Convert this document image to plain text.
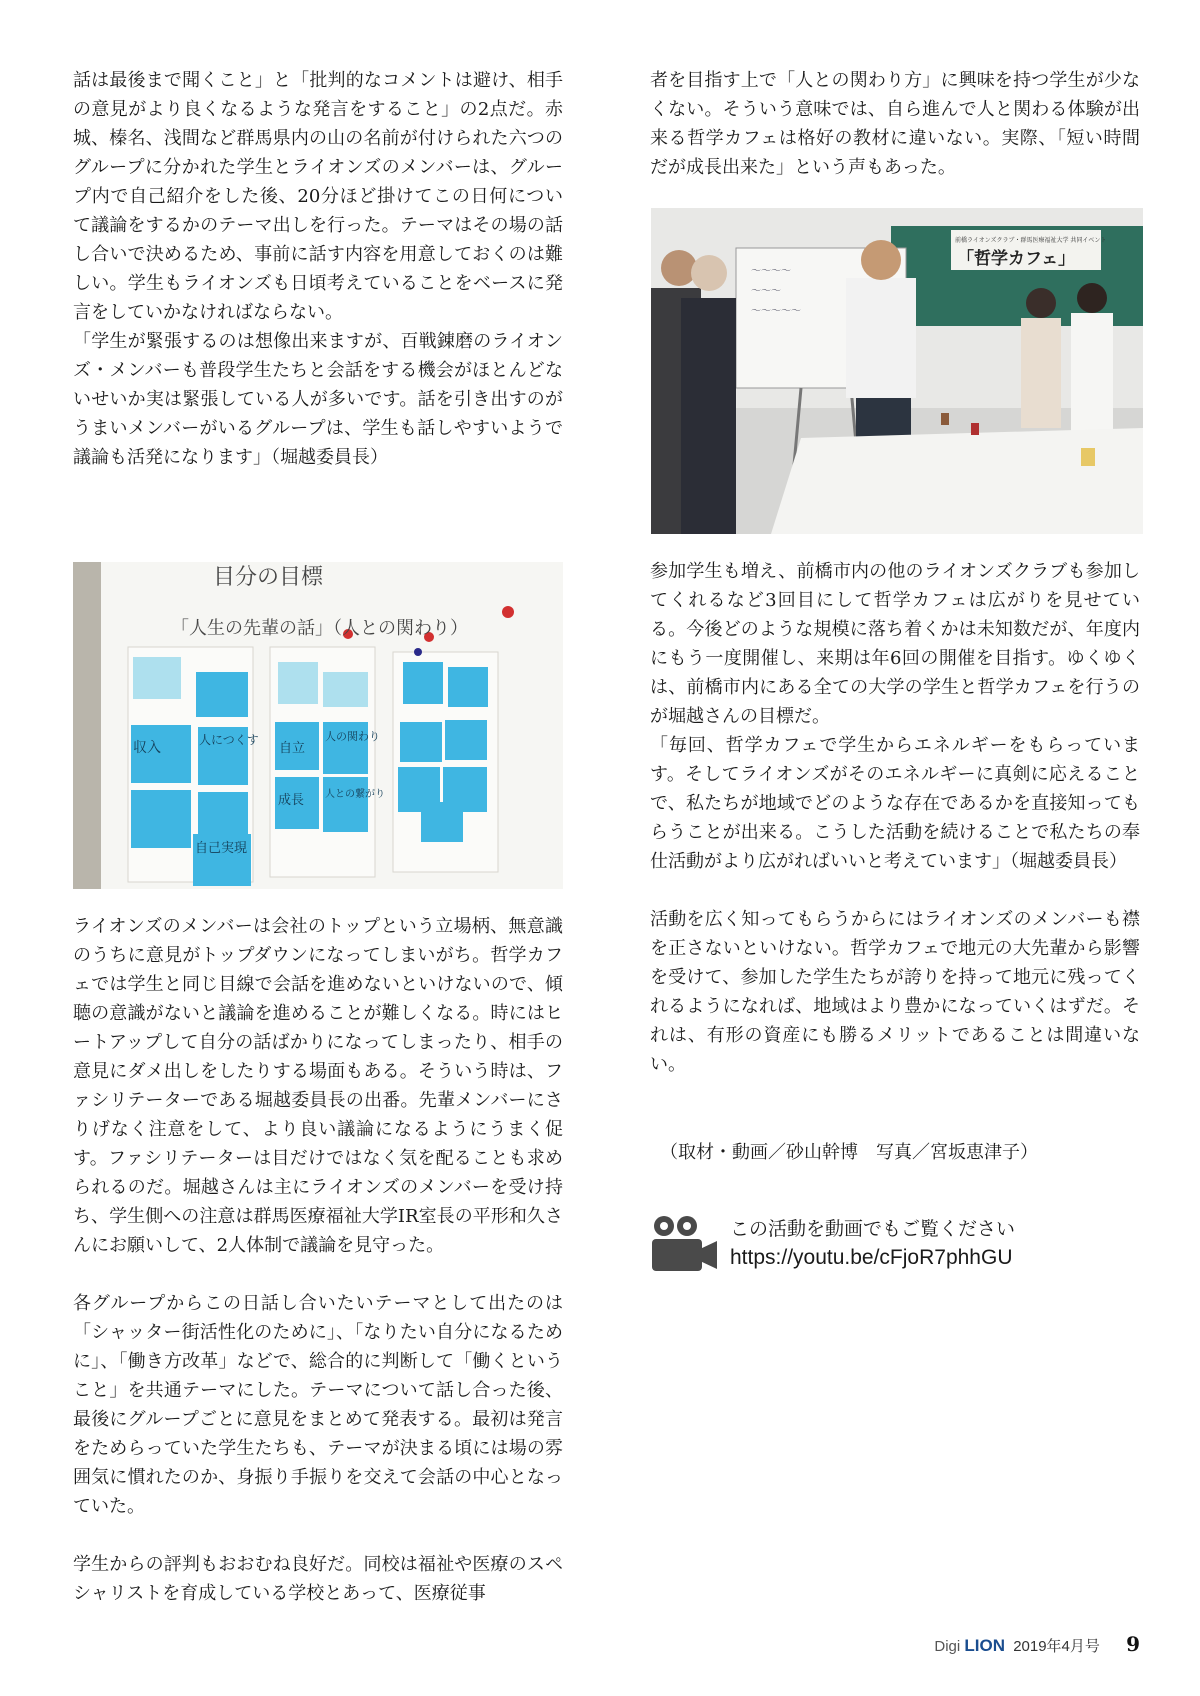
話は最後まで聞くこと」と「批判的なコメントは避け、相手の意見がより良くなるような発言をすること」の2点だ。赤城、榛名、浅間など群馬県内の山の名前が付けられた六つのグループに分かれた学生とライオンズのメンバーは、グループ内で自己紹介をした後、20分ほど掛けてこの日何について議論をするかのテーマ出しを行った。テーマはその場の話し合いで決めるため、事前に話す内容を用意しておくのは難しい。学生もライオンズも日頃考えていることをベースに発言をしていかなければならない。

「学生が緊張するのは想像出来ますが、百戦錬磨のライオンズ・メンバーも普段学生たちと会話をする機会がほとんどないせいか実は緊張している人が多いです。話を引き出すのがうまいメンバーがいるグループは、学生も話しやすいようで議論も活発になります」（堀越委員長）

目分の目標
「人生の先輩の話」（人との関わり）
収入	人につくす
自己実現
自立
人の関わり
成長 人との繋がり

ライオンズのメンバーは会社のトップという立場柄、無意識のうちに意見がトップダウンになってしまいがち。哲学カフェでは学生と同じ目線で会話を進めないといけないので、傾聴の意識がないと議論を進めることが難しくなる。時にはヒートアップして自分の話ばかりになってしまったり、相手の意見にダメ出しをしたりする場面もある。そういう時は、ファシリテーターである堀越委員長の出番。先輩メンバーにさりげなく注意をして、より良い議論になるようにうまく促す。ファシリテーターは目だけではなく気を配ることも求められるのだ。堀越さんは主にライオンズのメンバーを受け持ち、学生側への注意は群馬医療福祉大学IR室長の平形和久さんにお願いして、2人体制で議論を見守った。

各グループからこの日話し合いたいテーマとして出たのは「シャッター街活性化のために」、「なりたい自分になるために」、「働き方改革」などで、総合的に判断して「働くということ」を共通テーマにした。テーマについて話し合った後、最後にグループごとに意見をまとめて発表する。最初は発言をためらっていた学生たちも、テーマが決まる頃には場の雰囲気に慣れたのか、身振り手振りを交えて会話の中心となっていた。

学生からの評判もおおむね良好だ。同校は福祉や医療のスペシャリストを育成している学校とあって、医療従事

者を目指す上で「人との関わり方」に興味を持つ学生が少なくない。そういう意味では、自ら進んで人と関わる体験が出来る哲学カフェは格好の教材に違いない。実際、「短い時間だが成長出来た」という声もあった。

前橋ライオンズクラブ・群馬医療福祉大学 共同イベント
「哲学カフェ」
〜〜〜〜
〜〜〜
〜〜〜〜〜

参加学生も増え、前橋市内の他のライオンズクラブも参加してくれるなど3回目にして哲学カフェは広がりを見せている。今後どのような規模に落ち着くかは未知数だが、年度内にもう一度開催し、来期は年6回の開催を目指す。ゆくゆくは、前橋市内にある全ての大学の学生と哲学カフェを行うのが堀越さんの目標だ。

「毎回、哲学カフェで学生からエネルギーをもらっています。そしてライオンズがそのエネルギーに真剣に応えることで、私たちが地域でどのような存在であるかを直接知ってもらうことが出来る。こうした活動を続けることで私たちの奉仕活動がより広がればいいと考えています」（堀越委員長）

活動を広く知ってもらうからにはライオンズのメンバーも襟を正さないといけない。哲学カフェで地元の大先輩から影響を受けて、参加した学生たちが誇りを持って地元に残ってくれるようになれば、地域はより豊かになっていくはずだ。それは、有形の資産にも勝るメリットであることは間違いない。

（取材・動画／砂山幹博　写真／宮坂恵津子）
この活動を動画でもご覧ください
https://youtu.be/cFjoR7phhGU
Digi LION 2019年4月号 9
